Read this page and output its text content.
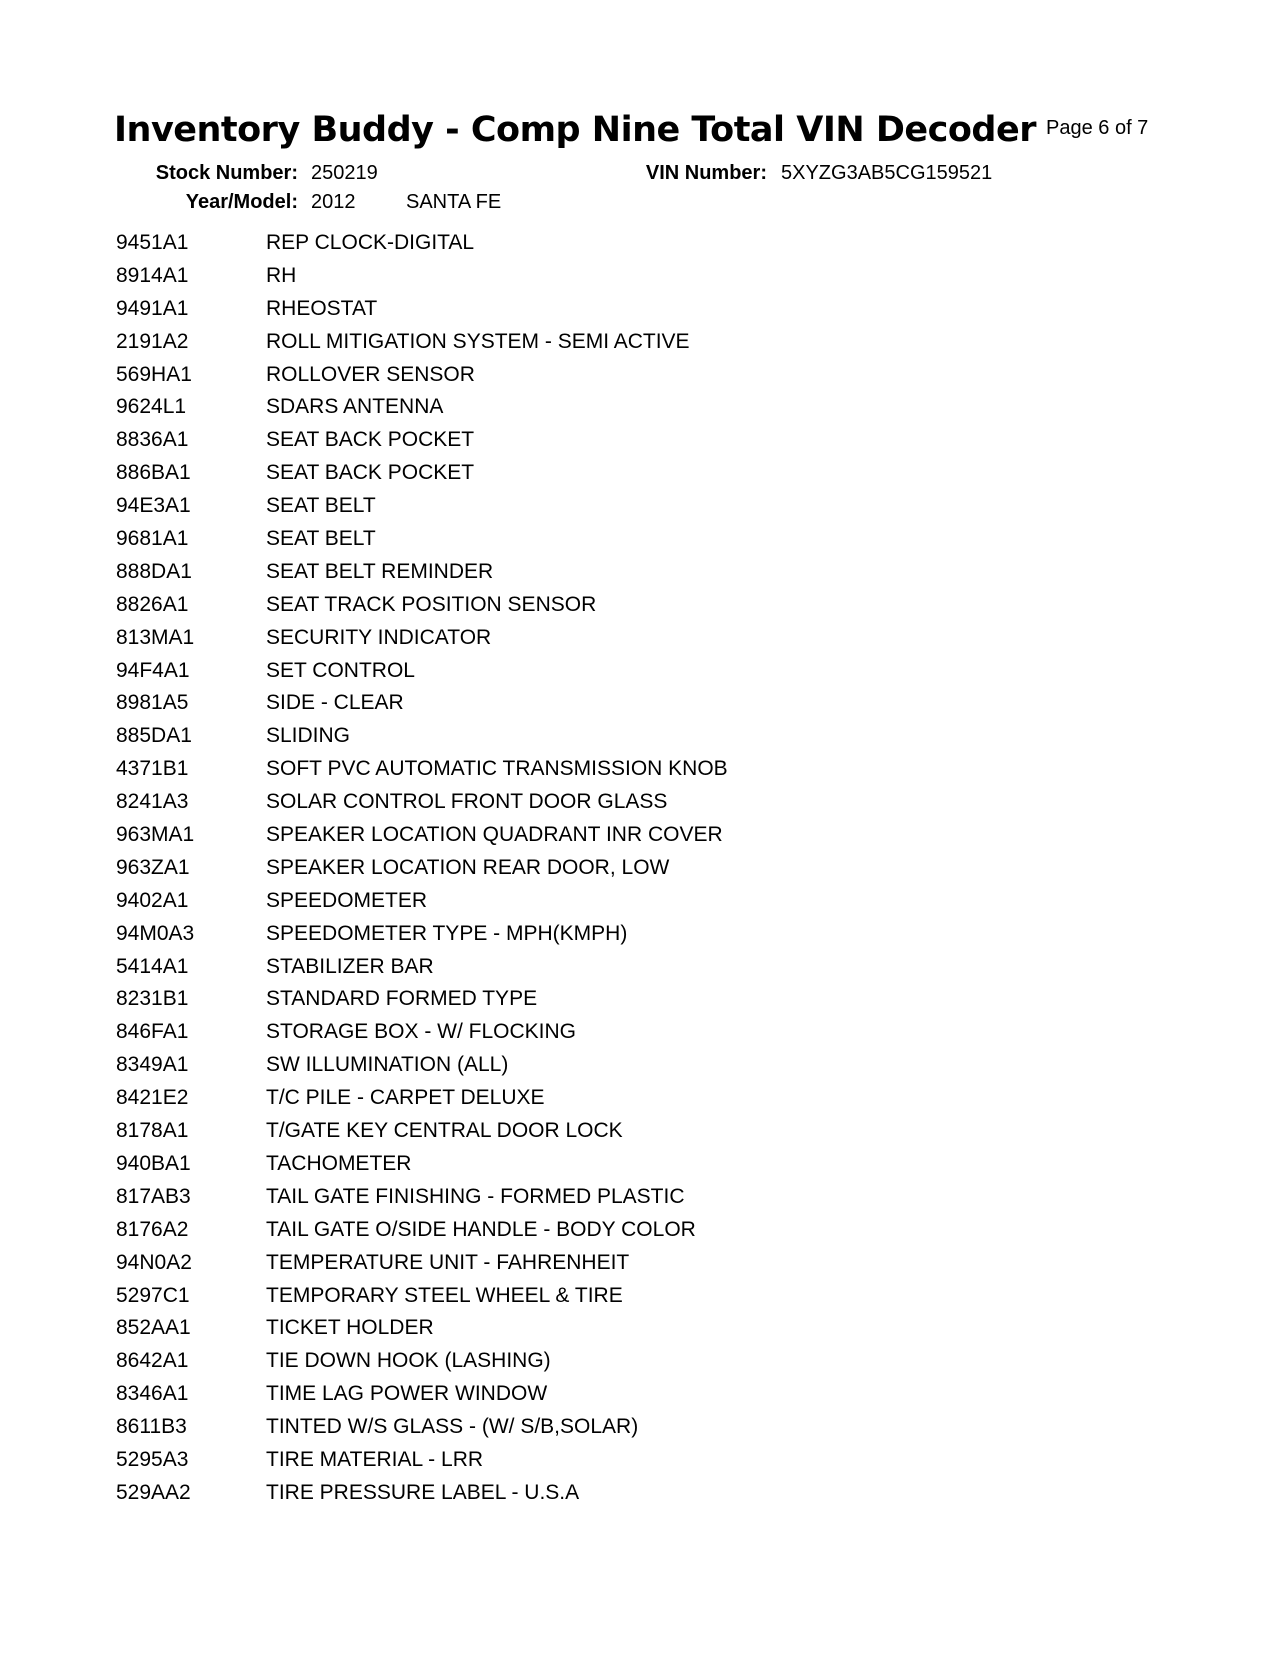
Inventory Buddy - Comp Nine Total VIN Decoder Page 6 of 7
Stock Number: 250219	VIN Number: 5XYZG3AB5CG159521
Year/Model: 2012	SANTA FE
9451A1	REP CLOCK-DIGITAL
8914A1	RH
9491A1	RHEOSTAT
2191A2	ROLL MITIGATION SYSTEM - SEMI ACTIVE
569HA1	ROLLOVER SENSOR
9624L1	SDARS ANTENNA
8836A1	SEAT BACK POCKET
886BA1	SEAT BACK POCKET
94E3A1	SEAT BELT
9681A1	SEAT BELT
888DA1	SEAT BELT REMINDER
8826A1	SEAT TRACK POSITION SENSOR
813MA1	SECURITY INDICATOR
94F4A1	SET CONTROL
8981A5	SIDE - CLEAR
885DA1	SLIDING
4371B1	SOFT PVC AUTOMATIC TRANSMISSION KNOB
8241A3	SOLAR CONTROL FRONT DOOR GLASS
963MA1	SPEAKER LOCATION QUADRANT INR COVER
963ZA1	SPEAKER LOCATION REAR DOOR, LOW
9402A1	SPEEDOMETER
94M0A3	SPEEDOMETER TYPE - MPH(KMPH)
5414A1	STABILIZER BAR
8231B1	STANDARD FORMED TYPE
846FA1	STORAGE BOX - W/ FLOCKING
8349A1	SW ILLUMINATION (ALL)
8421E2	T/C PILE - CARPET DELUXE
8178A1	T/GATE KEY CENTRAL DOOR LOCK
940BA1	TACHOMETER
817AB3	TAIL GATE FINISHING - FORMED PLASTIC
8176A2	TAIL GATE O/SIDE HANDLE - BODY COLOR
94N0A2	TEMPERATURE UNIT - FAHRENHEIT
5297C1	TEMPORARY STEEL WHEEL & TIRE
852AA1	TICKET HOLDER
8642A1	TIE DOWN HOOK (LASHING)
8346A1	TIME LAG POWER WINDOW
8611B3	TINTED W/S GLASS - (W/ S/B,SOLAR)
5295A3	TIRE MATERIAL - LRR
529AA2	TIRE PRESSURE LABEL - U.S.A
